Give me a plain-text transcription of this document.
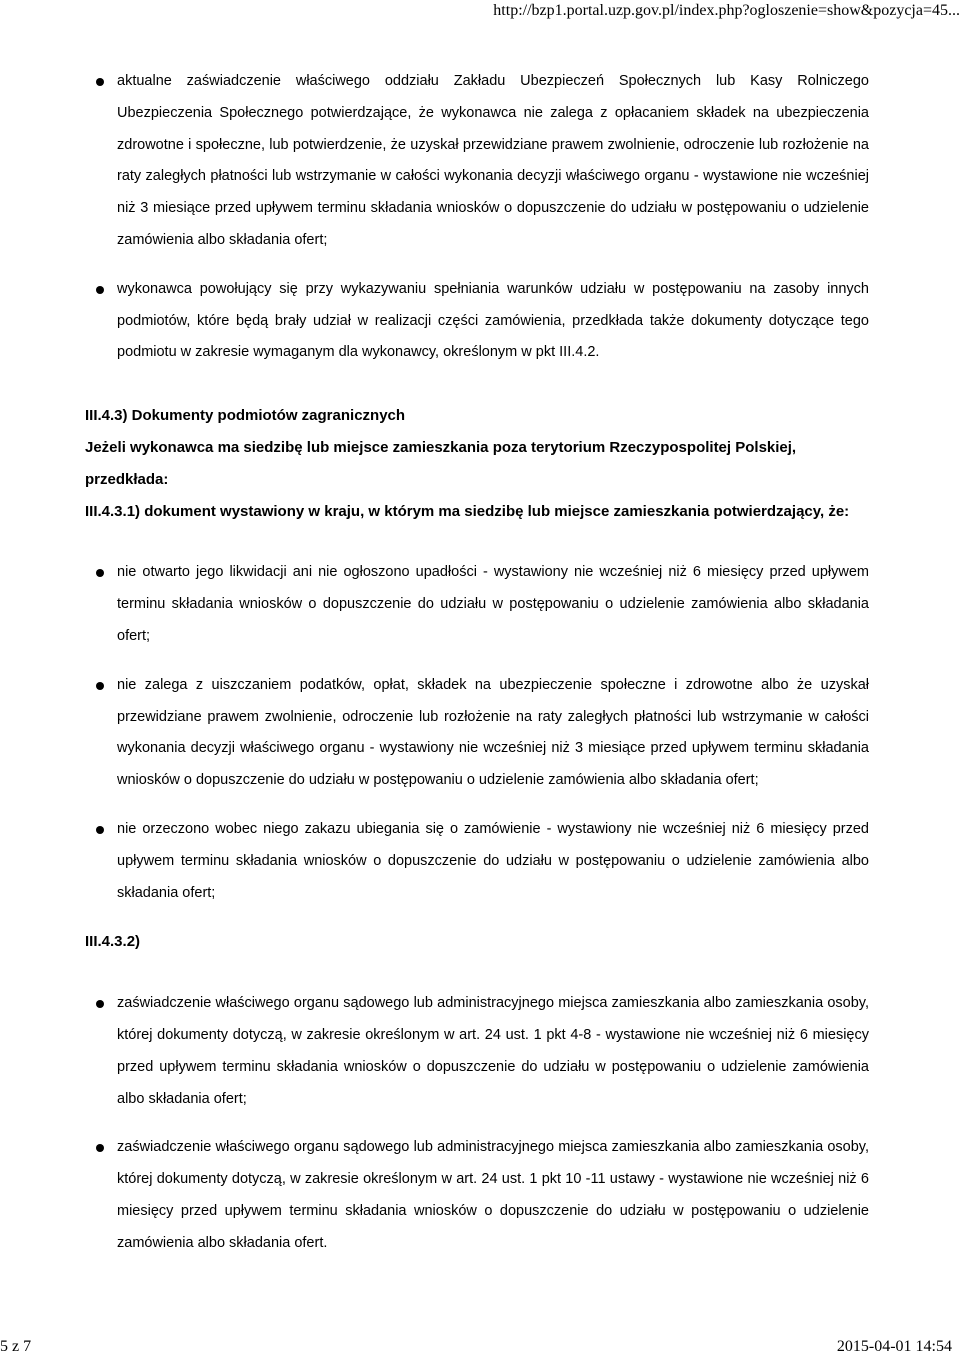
http://bzp1.portal.uzp.gov.pl/index.php?ogloszenie=show&pozycja=45...
aktualne zaświadczenie właściwego oddziału Zakładu Ubezpieczeń Społecznych lub Kasy Rolniczego Ubezpieczenia Społecznego potwierdzające, że wykonawca nie zalega z opłacaniem składek na ubezpieczenia zdrowotne i społeczne, lub potwierdzenie, że uzyskał przewidziane prawem zwolnienie, odroczenie lub rozłożenie na raty zaległych płatności lub wstrzymanie w całości wykonania decyzji właściwego organu - wystawione nie wcześniej niż 3 miesiące przed upływem terminu składania wniosków o dopuszczenie do udziału w postępowaniu o udzielenie zamówienia albo składania ofert;
wykonawca powołujący się przy wykazywaniu spełniania warunków udziału w postępowaniu na zasoby innych podmiotów, które będą brały udział w realizacji części zamówienia, przedkłada także dokumenty dotyczące tego podmiotu w zakresie wymaganym dla wykonawcy, określonym w pkt III.4.2.

III.4.3) Dokumenty podmiotów zagranicznych

Jeżeli wykonawca ma siedzibę lub miejsce zamieszkania poza terytorium Rzeczypospolitej Polskiej, przedkłada:

III.4.3.1) dokument wystawiony w kraju, w którym ma siedzibę lub miejsce zamieszkania potwierdzający, że:

nie otwarto jego likwidacji ani nie ogłoszono upadłości - wystawiony nie wcześniej niż 6 miesięcy przed upływem terminu składania wniosków o dopuszczenie do udziału w postępowaniu o udzielenie zamówienia albo składania ofert;
nie zalega z uiszczaniem podatków, opłat, składek na ubezpieczenie społeczne i zdrowotne albo że uzyskał przewidziane prawem zwolnienie, odroczenie lub rozłożenie na raty zaległych płatności lub wstrzymanie w całości wykonania decyzji właściwego organu - wystawiony nie wcześniej niż 3 miesiące przed upływem terminu składania wniosków o dopuszczenie do udziału w postępowaniu o udzielenie zamówienia albo składania ofert;
nie orzeczono wobec niego zakazu ubiegania się o zamówienie - wystawiony nie wcześniej niż 6 miesięcy przed upływem terminu składania wniosków o dopuszczenie do udziału w postępowaniu o udzielenie zamówienia albo składania ofert;

III.4.3.2)

zaświadczenie właściwego organu sądowego lub administracyjnego miejsca zamieszkania albo zamieszkania osoby, której dokumenty dotyczą, w zakresie określonym w art. 24 ust. 1 pkt 4-8 - wystawione nie wcześniej niż 6 miesięcy przed upływem terminu składania wniosków o dopuszczenie do udziału w postępowaniu o udzielenie zamówienia albo składania ofert;
zaświadczenie właściwego organu sądowego lub administracyjnego miejsca zamieszkania albo zamieszkania osoby, której dokumenty dotyczą, w zakresie określonym w art. 24 ust. 1 pkt 10 -11 ustawy - wystawione nie wcześniej niż 6 miesięcy przed upływem terminu składania wniosków o dopuszczenie do udziału w postępowaniu o udzielenie zamówienia albo składania ofert.
5 z 7	2015-04-01 14:54
